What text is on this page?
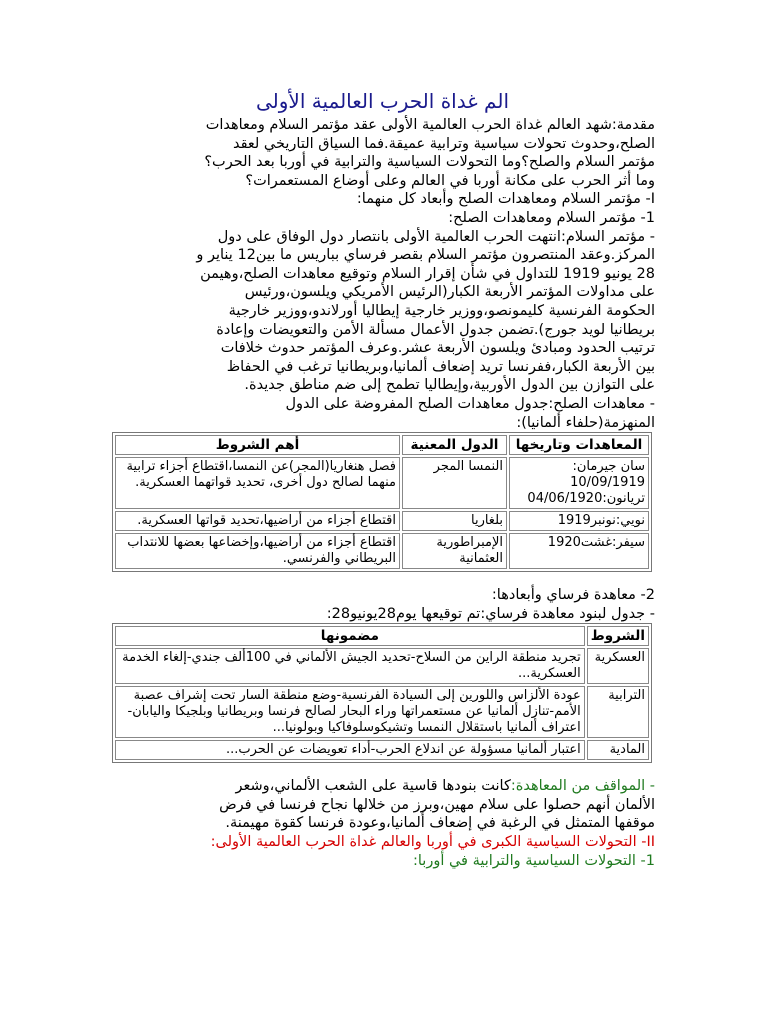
الم غداة الحرب العالمية الأولى

مقدمة:شهد العالم غداة الحرب العالمية الأولى عقد مؤتمر السلام ومعاهدات

الصلح،وحدوث تحولات سياسية وترابية عميقة.فما السياق التاريخي لعقد

مؤتمر السلام والصلح؟وما التحولات السياسية والترابية في أوربا بعد الحرب؟

وما أثر الحرب على مكانة أوربا في العالم وعلى أوضاع المستعمرات؟

I- مؤتمر السلام ومعاهدات الصلح وأبعاد كل منهما:

1- مؤتمر السلام ومعاهدات الصلح:

- مؤتمر السلام:انتهت الحرب العالمية الأولى بانتصار دول الوفاق على دول

المركز.وعقد المنتصرون مؤتمر السلام بقصر فرساي بباريس ما بين12 يناير و

28 يونيو 1919 للتداول في شأن إقرار السلام وتوقيع معاهدات الصلح،وهيمن

على مداولات المؤتمر الأربعة الكبار(الرئيس الأمريكي ويلسون،ورئيس

الحكومة الفرنسية كليمونصو،ووزير خارجية إيطاليا أورلاندو،ووزير خارجية

بريطانيا لويد جورج).تضمن جدول الأعمال مسألة الأمن والتعويضات وإعادة

ترتيب الحدود ومبادئ ويلسون الأربعة عشر.وعرف المؤتمر حدوث خلافات

بين الأربعة الكبار،ففرنسا تريد إضعاف ألمانيا،وبريطانيا ترغب في الحفاظ

على التوازن بين الدول الأوربية،وإيطاليا تطمح إلى ضم مناطق جديدة.

- معاهدات الصلح:جدول معاهدات الصلح المفروضة على الدول

المنهزمة(حلفاء ألمانيا):

المعاهدات وتاريخها	الدول المعنية	أهم الشروط
سان جيرمان: 10/09/1919 تريانون:04/06/1920	النمسا المجر	فصل هنغاريا(المجر)عن النمسا،اقتطاع أجزاء ترابية منهما لصالح دول أخرى، تحديد قواتهما العسكرية.
نويي:نونبر1919	بلغاريا	اقتطاع أجزاء من أراضيها،تحديد قواتها العسكرية.
سيفر:غشت1920	الإمبراطورية العثمانية	اقتطاع أجزاء من أراضيها،وإخضاعها بعضها للانتداب البريطاني والفرنسي.

2- معاهدة فرساي وأبعادها:

- جدول لبنود معاهدة فرساي:تم توقيعها يوم28يونيو28:

الشروط	مضمونها
العسكرية	تجريد منطقة الراين من السلاح-تحديد الجيش الألماني في 100ألف جندي-إلغاء الخدمة العسكرية...
الترابية	عودة الألزاس واللورين إلى السيادة الفرنسية-وضع منطقة السار تحت إشراف عصبة الأمم-تنازل ألمانيا عن مستعمراتها وراء البحار لصالح فرنسا وبريطانيا وبلجيكا واليابان-اعتراف ألمانيا باستقلال النمسا وتشيكوسلوفاكيا وبولونيا...
المادية	اعتبار ألمانيا مسؤولة عن اندلاع الحرب-أداء تعويضات عن الحرب...

- المواقف من المعاهدة:كانت بنودها قاسية على الشعب الألماني،وشعر

الألمان أنهم حصلوا على سلام مهين،وبرز من خلالها نجاح فرنسا في فرض

موقفها المتمثل في الرغبة في إضعاف ألمانيا،وعودة فرنسا كقوة مهيمنة.

II- التحولات السياسية الكبرى في أوربا والعالم غداة الحرب العالمية الأولى:

1- التحولات السياسية والترابية في أوربا:
